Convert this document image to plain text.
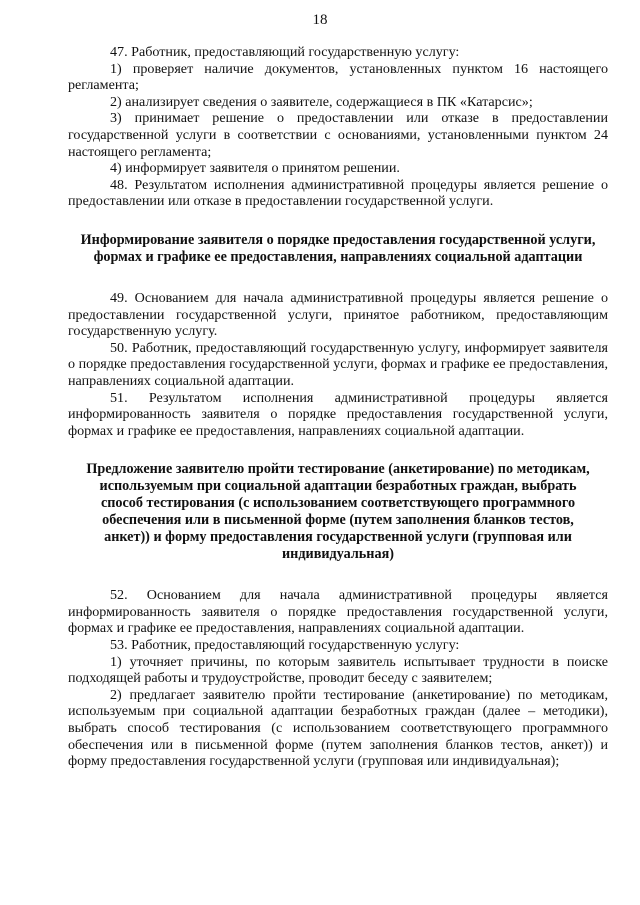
18

47. Работник, предоставляющий государственную услугу:

1) проверяет наличие документов, установленных пунктом 16 настоящего регламента;

2) анализирует сведения о заявителе, содержащиеся в ПК «Катарсис»;

3) принимает решение о предоставлении или отказе в предоставлении государственной услуги в соответствии с основаниями, установленными пунктом 24 настоящего регламента;

4) информирует заявителя о принятом решении.

48. Результатом исполнения административной процедуры является решение о предоставлении или отказе в предоставлении государственной услуги.

Информирование заявителя о порядке предоставления государственной услуги, формах и графике ее предоставления, направлениях социальной адаптации

49. Основанием для начала административной процедуры является решение о предоставлении государственной услуги, принятое работником, предоставляющим государственную услугу.

50. Работник, предоставляющий государственную услугу, информирует заявителя о порядке предоставления государственной услуги, формах и графике ее предоставления, направлениях социальной адаптации.

51. Результатом исполнения административной процедуры является информированность заявителя о порядке предоставления государственной услуги, формах и графике ее предоставления, направлениях социальной адаптации.

Предложение заявителю пройти тестирование (анкетирование) по методикам, используемым при социальной адаптации безработных граждан, выбрать способ тестирования (с использованием соответствующего программного обеспечения или в письменной форме (путем заполнения бланков тестов, анкет)) и форму предоставления государственной услуги (групповая или индивидуальная)

52. Основанием для начала административной процедуры является информированность заявителя о порядке предоставления государственной услуги, формах и графике ее предоставления, направлениях социальной адаптации.

53. Работник, предоставляющий государственную услугу:

1) уточняет причины, по которым заявитель испытывает трудности в поиске подходящей работы и трудоустройстве, проводит беседу с заявителем;

2) предлагает заявителю пройти тестирование (анкетирование) по методикам, используемым при социальной адаптации безработных граждан (далее – методики), выбрать способ тестирования (с использованием соответствующего программного обеспечения или в письменной форме (путем заполнения бланков тестов, анкет)) и форму предоставления государственной услуги (групповая или индивидуальная);
